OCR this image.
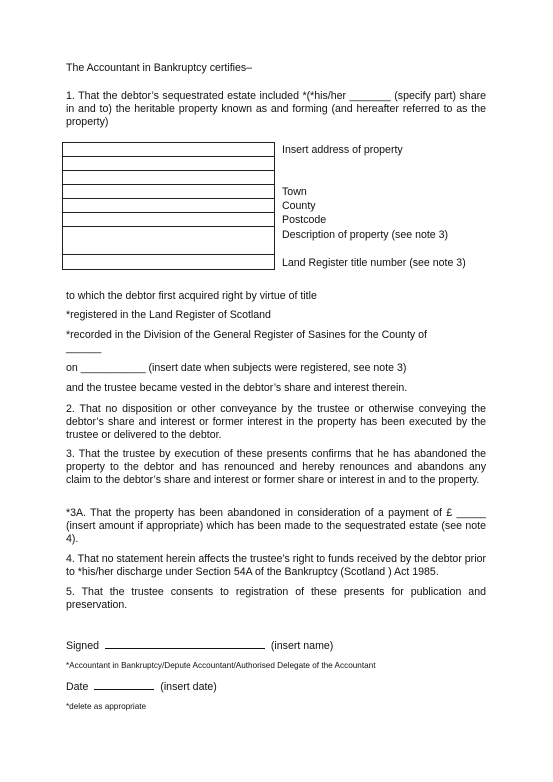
The Accountant in Bankruptcy certifies–
1. That the debtor’s sequestrated estate included *(*his/her _______ (specify part) share in and to) the heritable property known as and forming (and hereafter referred to as the property)
Insert address of property
Town
County
Postcode
Description of property (see note 3)
Land Register title number (see note 3)
to which the debtor first acquired right by virtue of title
*registered in the Land Register of Scotland
*recorded in the Division of the General Register of Sasines for the County of
______
on ___________ (insert date when subjects were registered, see note 3)
and the trustee became vested in the debtor’s share and interest therein.
2. That no disposition or other conveyance by the trustee or otherwise conveying the debtor’s share and interest or former interest in the property has been executed by the trustee or delivered to the debtor.
3. That the trustee by execution of these presents confirms that he has abandoned the property to the debtor and has renounced and hereby renounces and abandons any claim to the debtor’s share and interest or former share or interest in and to the property.
*3A. That the property has been abandoned in consideration of a payment of £ _____ (insert amount if appropriate) which has been made to the sequestrated estate (see note 4).
4. That no statement herein affects the trustee’s right to funds received by the debtor prior to *his/her discharge under Section 54A of the Bankruptcy (Scotland ) Act 1985.
5. That the trustee consents to registration of these presents for publication and preservation.
Signed	(insert name)
*Accountant in Bankruptcy/Depute Accountant/Authorised Delegate of the Accountant
Date	(insert date)
*delete as appropriate
